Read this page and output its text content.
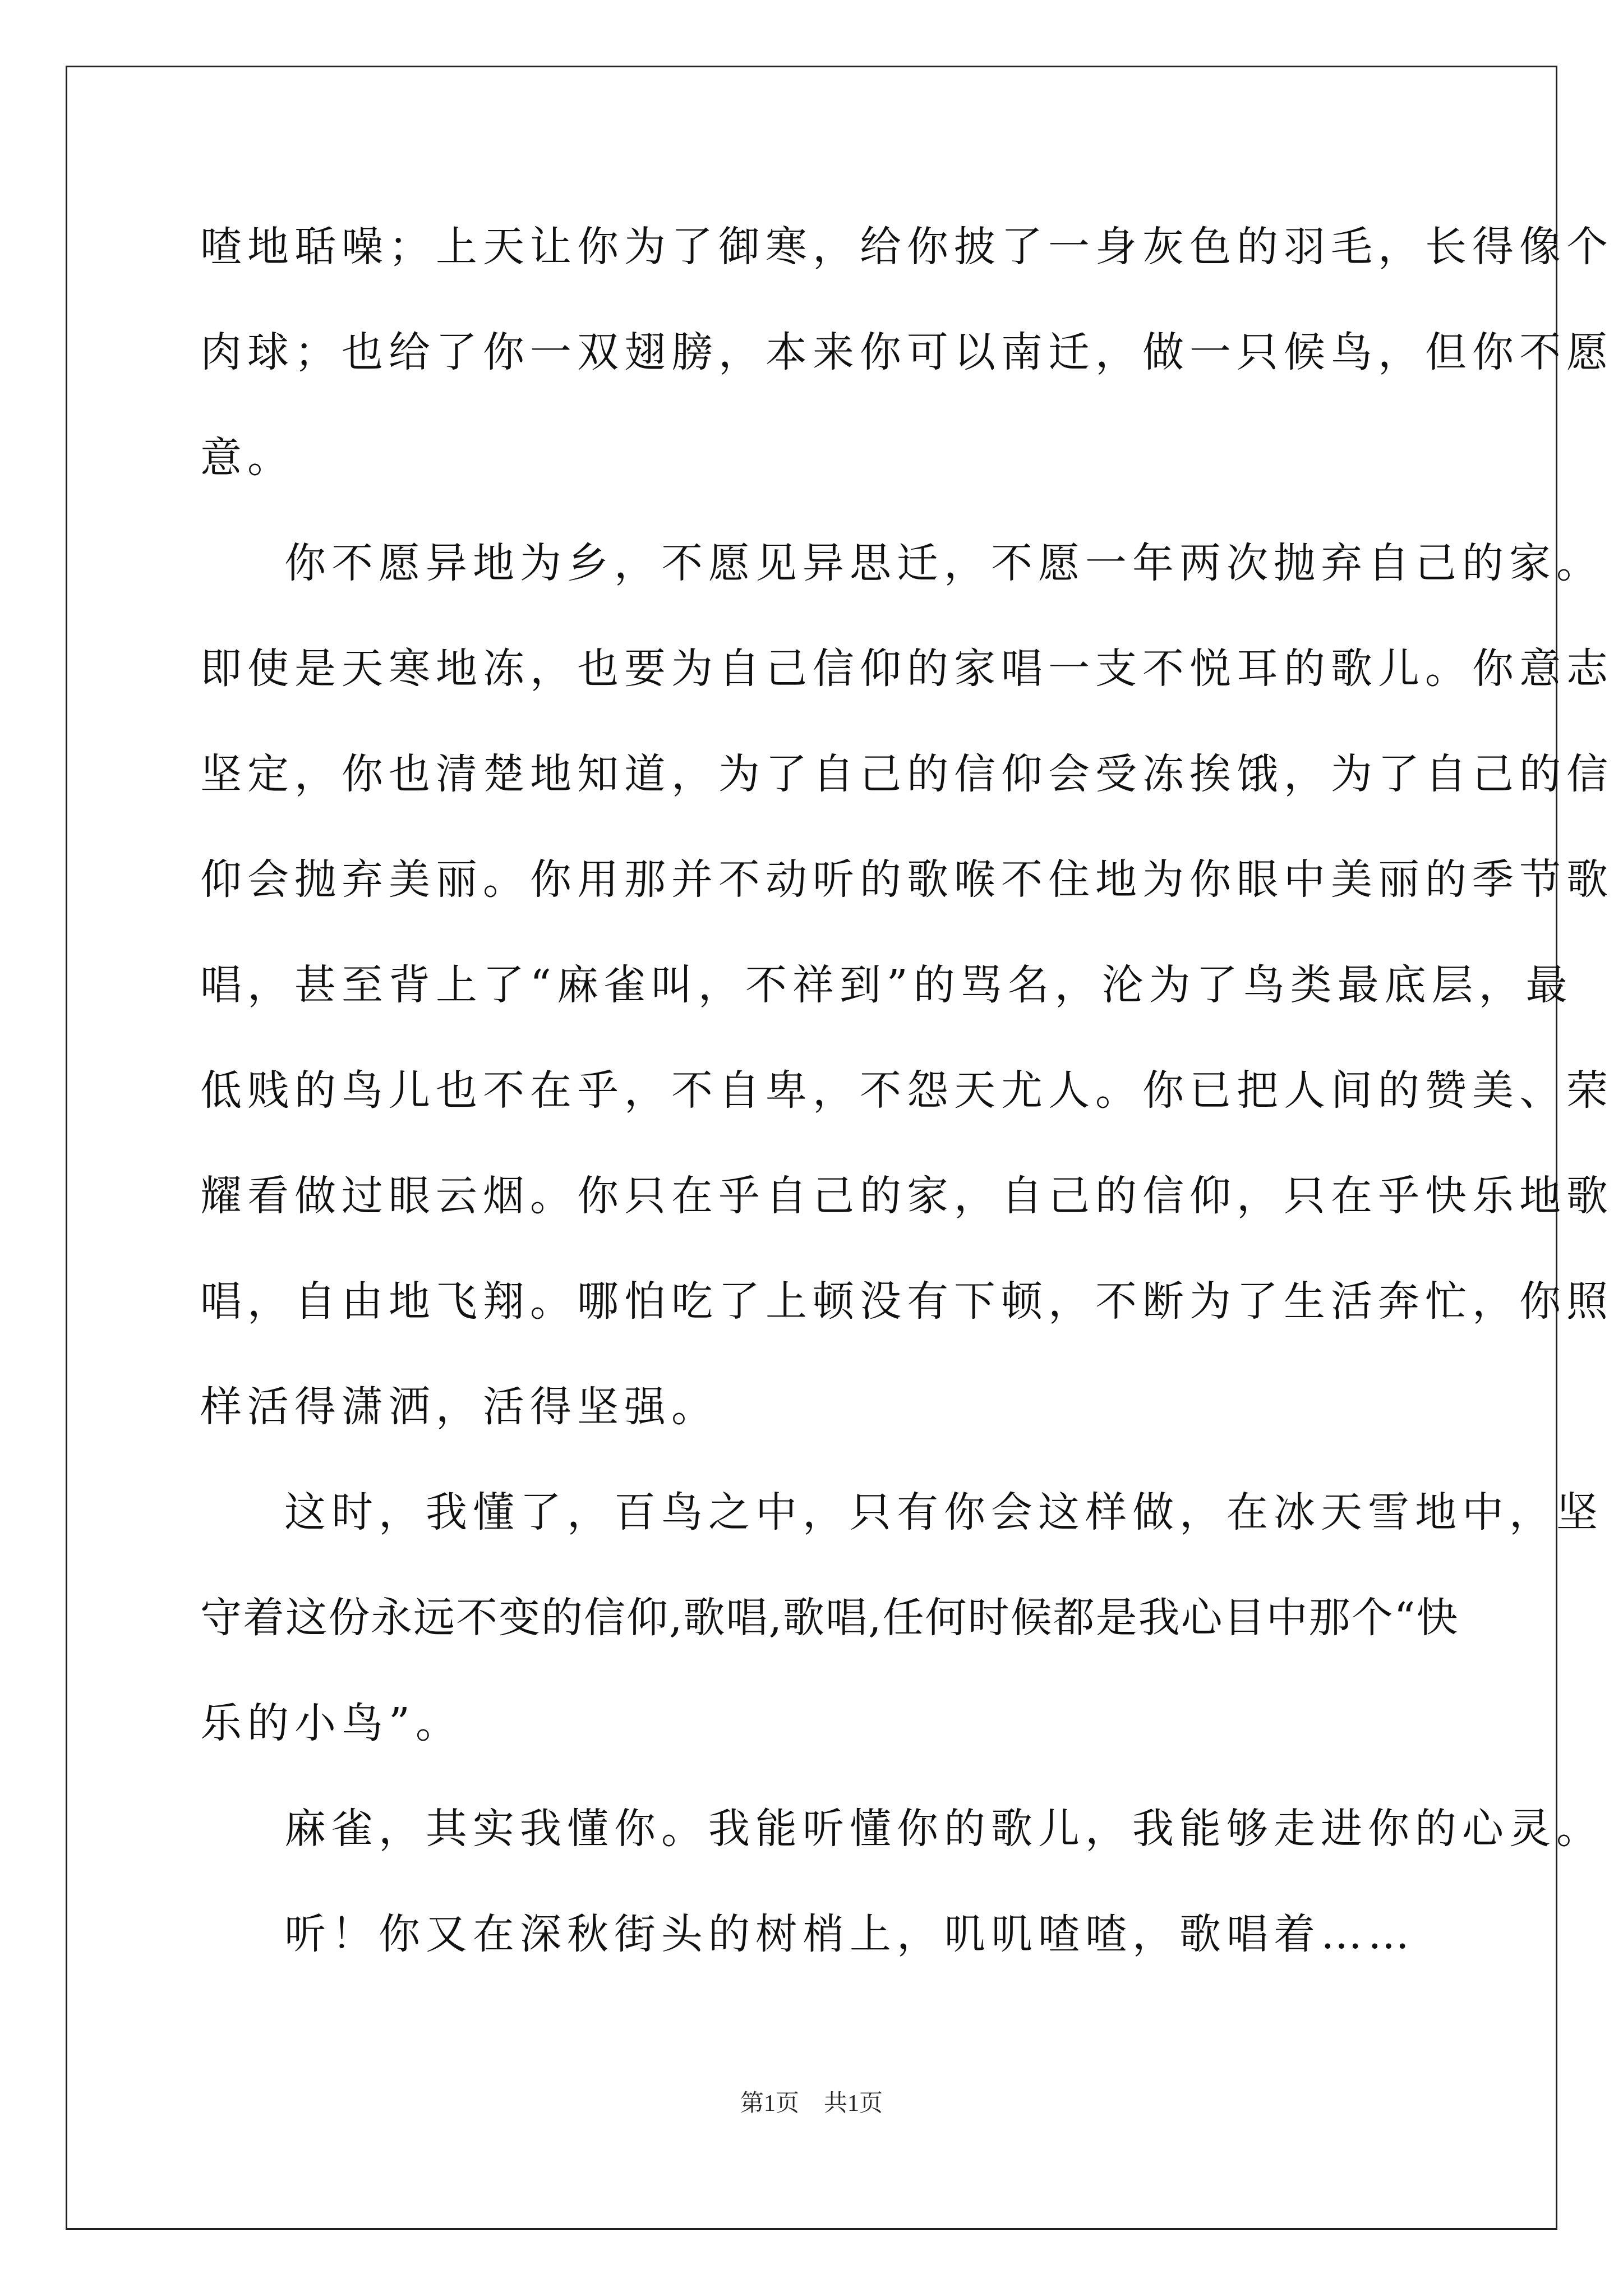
喳地聒噪；上天让你为了御寒，给你披了一身灰色的羽毛，长得像个
肉球；也给了你一双翅膀，本来你可以南迁，做一只候鸟，但你不愿
意。
你不愿异地为乡，不愿见异思迁，不愿一年两次抛弃自己的家。
即使是天寒地冻，也要为自己信仰的家唱一支不悦耳的歌儿。你意志
坚定，你也清楚地知道，为了自己的信仰会受冻挨饿，为了自己的信
仰会抛弃美丽。你用那并不动听的歌喉不住地为你眼中美丽的季节歌
唱，甚至背上了“麻雀叫，不祥到”的骂名，沦为了鸟类最底层，最
低贱的鸟儿也不在乎，不自卑，不怨天尤人。你已把人间的赞美、荣
耀看做过眼云烟。你只在乎自己的家，自己的信仰，只在乎快乐地歌
唱，自由地飞翔。哪怕吃了上顿没有下顿，不断为了生活奔忙，你照
样活得潇洒，活得坚强。
这时，我懂了，百鸟之中，只有你会这样做，在冰天雪地中，坚
守着这份永远不变的信仰,歌唱,歌唱,任何时候都是我心目中那个“快
乐的小鸟”。
麻雀，其实我懂你。我能听懂你的歌儿，我能够走进你的心灵。
听！你又在深秋街头的树梢上，叽叽喳喳，歌唱着……
第1页 共1页
